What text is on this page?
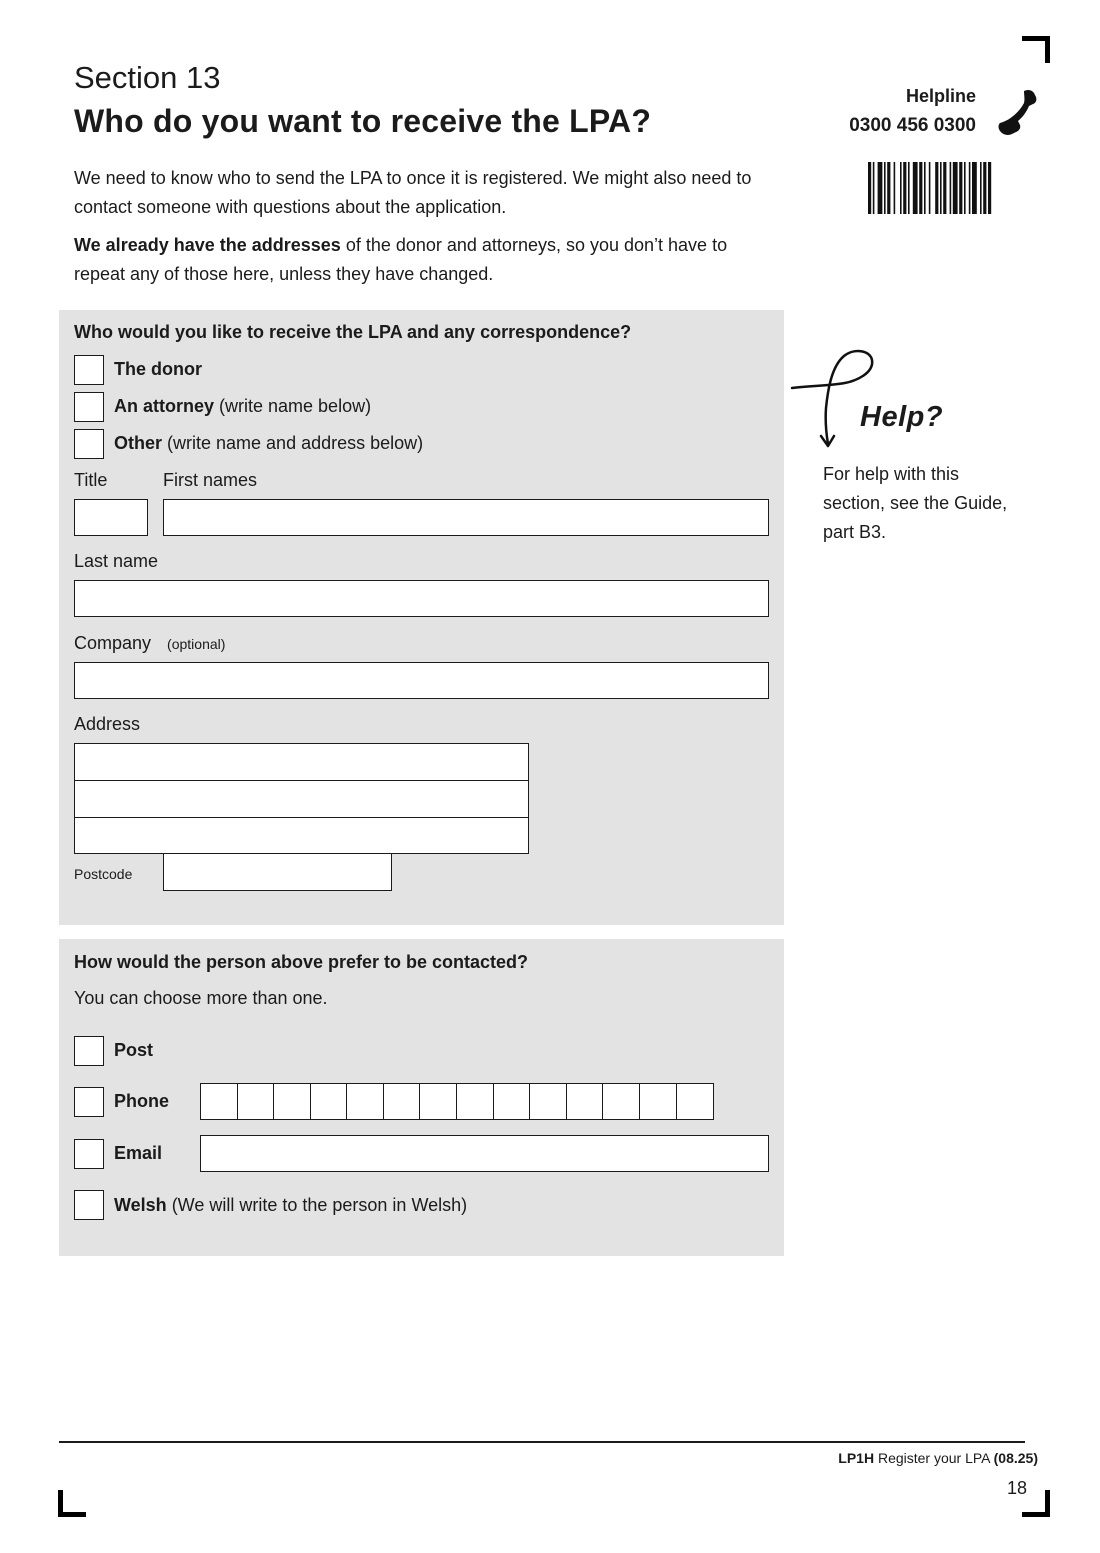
Section 13
Who do you want to receive the LPA?
Helpline
0300 456 0300
We need to know who to send the LPA to once it is registered. We might also need to contact someone with questions about the application.
We already have the addresses of the donor and attorneys, so you don’t have to repeat any of those here, unless they have changed.
Who would you like to receive the LPA and any correspondence?
The donor
An attorney (write name below)
Other (write name and address below)
Title	First names
Last name
Company (optional)
Address
Postcode
How would the person above prefer to be contacted?
You can choose more than one.
Post
Phone
Email
Welsh (We will write to the person in Welsh)
Help?
For help with this section, see the Guide, part B3.
LP1H Register your LPA (08.25)
18
